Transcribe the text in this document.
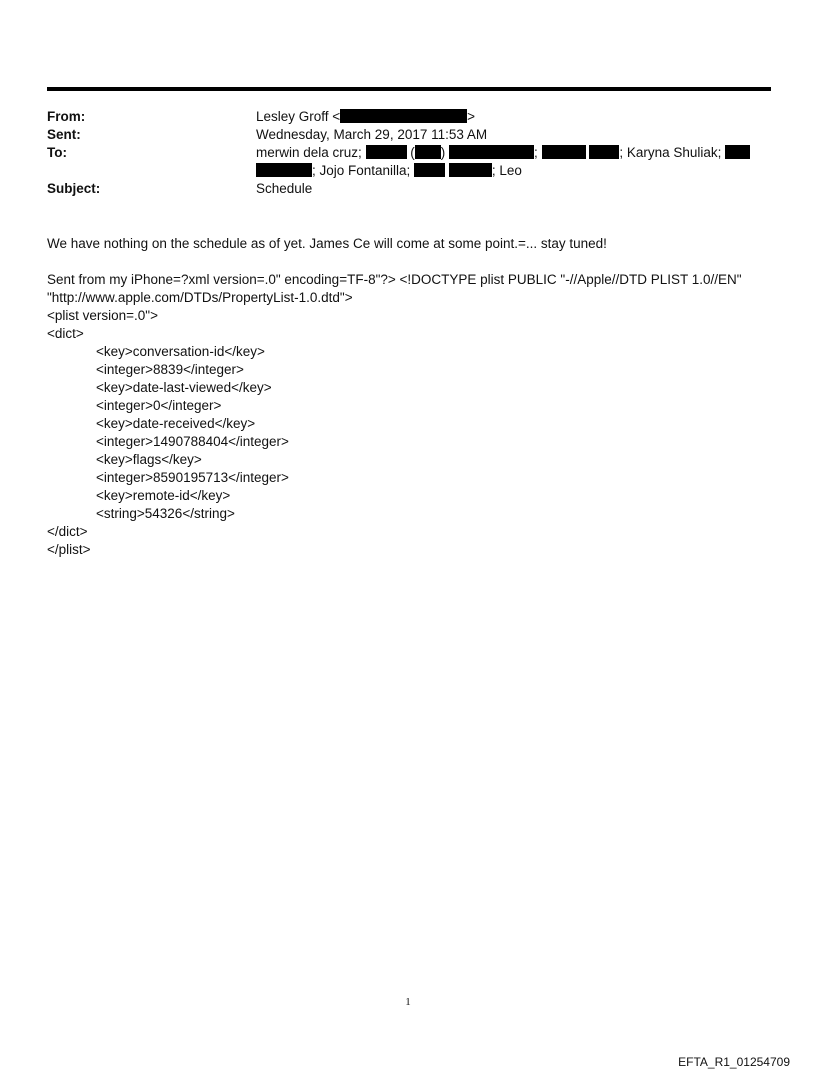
From:	Lesley Groff <	>
Sent:	Wednesday, March 29, 2017 11:53 AM
To:	merwin dela cruz;	( )	;	; Karyna Shuliak;
; Jojo Fontanilla;	; Leo
Subject:	Schedule

We have nothing on the schedule as of yet. James Ce will come at some point.=... stay tuned!

Sent from my iPhone=?xml version=.0" encoding=TF-8"?> <!DOCTYPE plist PUBLIC "-//Apple//DTD PLIST 1.0//EN"

"http://www.apple.com/DTDs/PropertyList-1.0.dtd">

<plist version=.0">

<dict>

<key>conversation-id</key>

<integer>8839</integer>

<key>date-last-viewed</key>

<integer>0</integer>

<key>date-received</key>

<integer>1490788404</integer>

<key>flags</key>

<integer>8590195713</integer>

<key>remote-id</key>

<string>54326</string>

</dict>

</plist>

1
EFTA_R1_01254709
